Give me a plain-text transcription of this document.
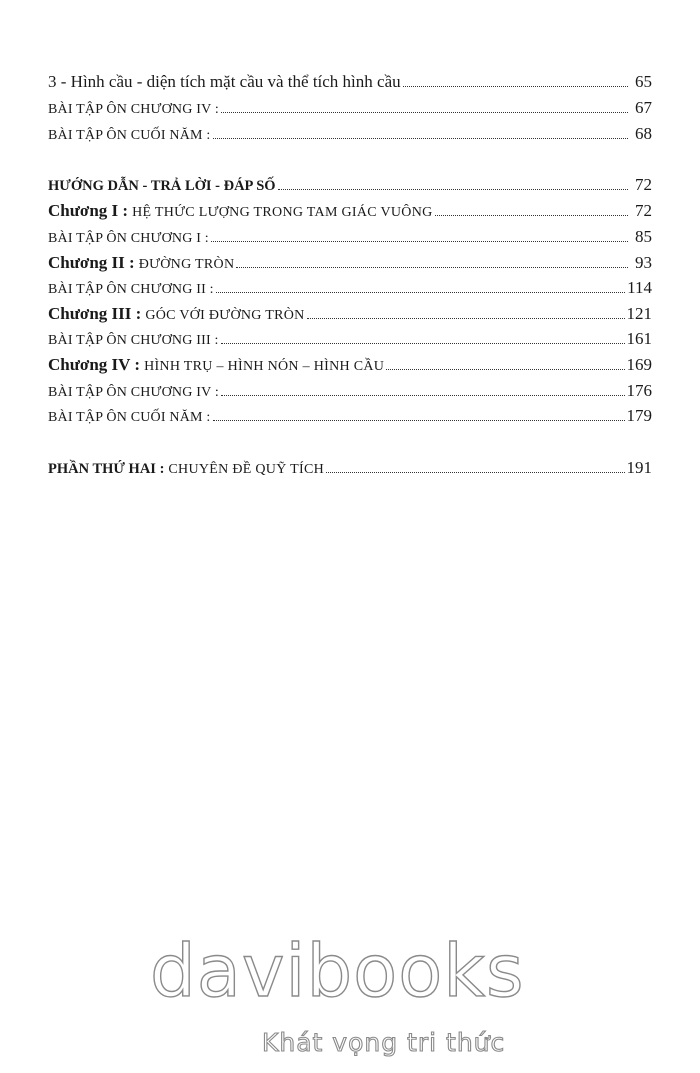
3 - Hình cầu - diện tích mặt cầu và thể tích hình cầu	65
BÀI TẬP ÔN CHƯƠNG IV :	67
BÀI TẬP ÔN CUỐI NĂM :	68
HƯỚNG DẪN - TRẢ LỜI - ĐÁP SỐ	72
Chương I : HỆ THỨC LƯỢNG TRONG TAM GIÁC VUÔNG	72
BÀI TẬP ÔN CHƯƠNG I :	85
Chương II : ĐƯỜNG TRÒN	93
BÀI TẬP ÔN CHƯƠNG II :	114
Chương III : GÓC VỚI ĐƯỜNG TRÒN	121
BÀI TẬP ÔN CHƯƠNG III :	161
Chương IV : HÌNH TRỤ – HÌNH NÓN – HÌNH CẦU	169
BÀI TẬP ÔN CHƯƠNG IV :	176
BÀI TẬP ÔN CUỐI NĂM :	179
PHẦN THỨ HAI : CHUYÊN ĐỀ QUỸ TÍCH	191
davibooks
Khát vọng tri thức
